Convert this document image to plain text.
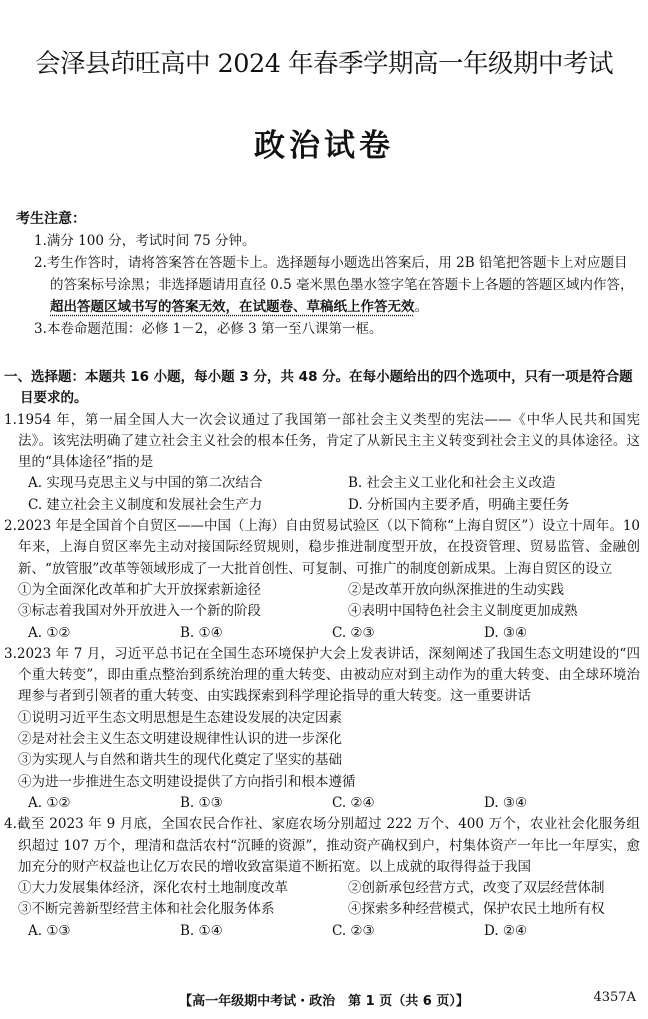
会泽县茚旺高中 2024 年春季学期高一年级期中考试
政治试卷
考生注意：
1.满分 100 分，考试时间 75 分钟。
2.考生作答时，请将答案答在答题卡上。选择题每小题选出答案后，用 2B 铅笔把答题卡上对应题目的答案标号涂黑；非选择题请用直径 0.5 毫米黑色墨水签字笔在答题卡上各题的答题区域内作答，超出答题区域书写的答案无效，在试题卷、草稿纸上作答无效。
3.本卷命题范围：必修 1－2，必修 3 第一至八课第一框。
一、选择题：本题共 16 小题，每小题 3 分，共 48 分。在每小题给出的四个选项中，只有一项是符合题目要求的。
1.1954 年，第一届全国人大一次会议通过了我国第一部社会主义类型的宪法——《中华人民共和国宪法》。该宪法明确了建立社会主义社会的根本任务，肯定了从新民主主义转变到社会主义的具体途径。这里的“具体途径”指的是
A. 实现马克思主义与中国的第二次结合	B. 社会主义工业化和社会主义改造
C. 建立社会主义制度和发展社会生产力	D. 分析国内主要矛盾，明确主要任务
2.2023 年是全国首个自贸区——中国（上海）自由贸易试验区（以下简称“上海自贸区”）设立十周年。10 年来，上海自贸区率先主动对接国际经贸规则，稳步推进制度型开放，在投资管理、贸易监管、金融创新、“放管服”改革等领域形成了一大批首创性、可复制、可推广的制度创新成果。上海自贸区的设立
①为全面深化改革和扩大开放探索新途径	②是改革开放向纵深推进的生动实践
③标志着我国对外开放进入一个新的阶段	④表明中国特色社会主义制度更加成熟
A. ①②	B. ①④	C. ②③	D. ③④
3.2023 年 7 月，习近平总书记在全国生态环境保护大会上发表讲话，深刻阐述了我国生态文明建设的“四个重大转变”，即由重点整治到系统治理的重大转变、由被动应对到主动作为的重大转变、由全球环境治理参与者到引领者的重大转变、由实践探索到科学理论指导的重大转变。这一重要讲话
①说明习近平生态文明思想是生态建设发展的决定因素
②是对社会主义生态文明建设规律性认识的进一步深化
③为实现人与自然和谐共生的现代化奠定了坚实的基础
④为进一步推进生态文明建设提供了方向指引和根本遵循
A. ①②	B. ①③	C. ②④	D. ③④
4.截至 2023 年 9 月底，全国农民合作社、家庭农场分别超过 222 万个、400 万个，农业社会化服务组织超过 107 万个，理清和盘活农村“沉睡的资源”，推动资产确权到户，村集体资产一年比一年厚实，愈加充分的财产权益也让亿万农民的增收致富渠道不断拓宽。以上成就的取得得益于我国
①大力发展集体经济，深化农村土地制度改革	②创新承包经营方式，改变了双层经营体制
③不断完善新型经营主体和社会化服务体系	④探索多种经营模式，保护农民土地所有权
A. ①③	B. ①④	C. ②③	D. ②④
【高一年级期中考试・政治　第 1 页（共 6 页）】	4357A
